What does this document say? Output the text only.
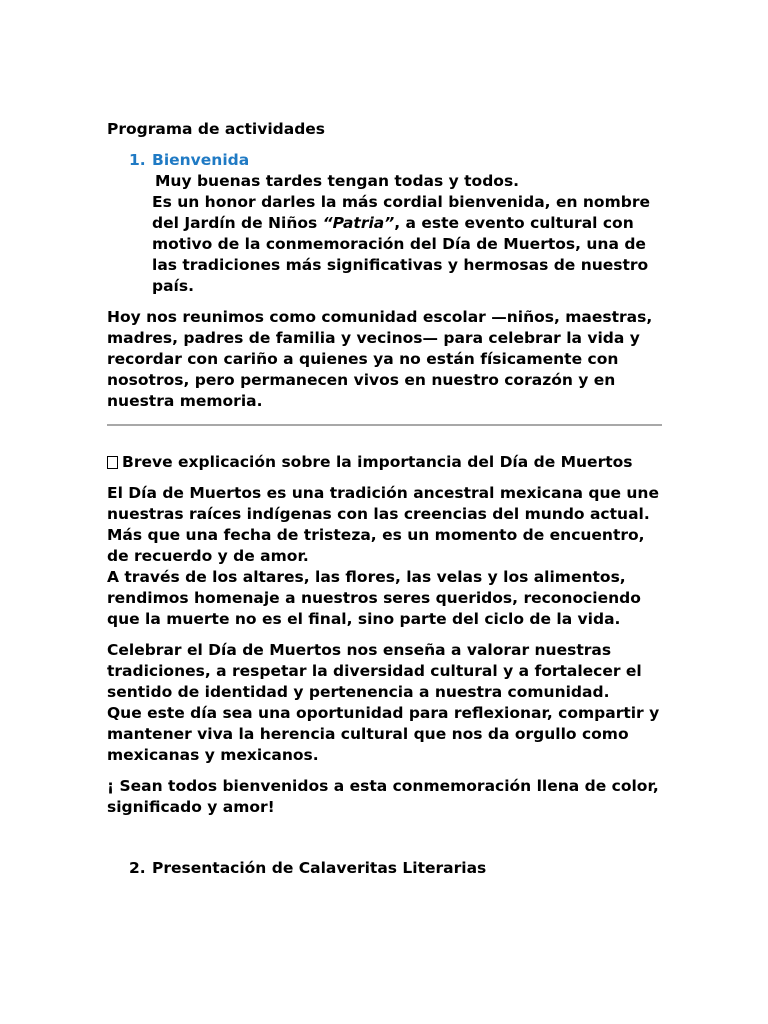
Programa de actividades

1. Bienvenida

Muy buenas tardes tengan todas y todos.

Es un honor darles la más cordial bienvenida, en nombre del Jardín de Niños “Patria”, a este evento cultural con motivo de la conmemoración del Día de Muertos, una de las tradiciones más significativas y hermosas de nuestro país.

Hoy nos reunimos como comunidad escolar —niños, maestras, madres, padres de familia y vecinos— para celebrar la vida y recordar con cariño a quienes ya no están físicamente con nosotros, pero permanecen vivos en nuestro corazón y en nuestra memoria.

Breve explicación sobre la importancia del Día de Muertos

El Día de Muertos es una tradición ancestral mexicana que une nuestras raíces indígenas con las creencias del mundo actual. Más que una fecha de tristeza, es un momento de encuentro, de recuerdo y de amor.

A través de los altares, las flores, las velas y los alimentos, rendimos homenaje a nuestros seres queridos, reconociendo que la muerte no es el final, sino parte del ciclo de la vida.

Celebrar el Día de Muertos nos enseña a valorar nuestras tradiciones, a respetar la diversidad cultural y a fortalecer el sentido de identidad y pertenencia a nuestra comunidad.

Que este día sea una oportunidad para reflexionar, compartir y mantener viva la herencia cultural que nos da orgullo como mexicanas y mexicanos.

¡ Sean todos bienvenidos a esta conmemoración llena de color, significado y amor!

2. Presentación de Calaveritas Literarias
